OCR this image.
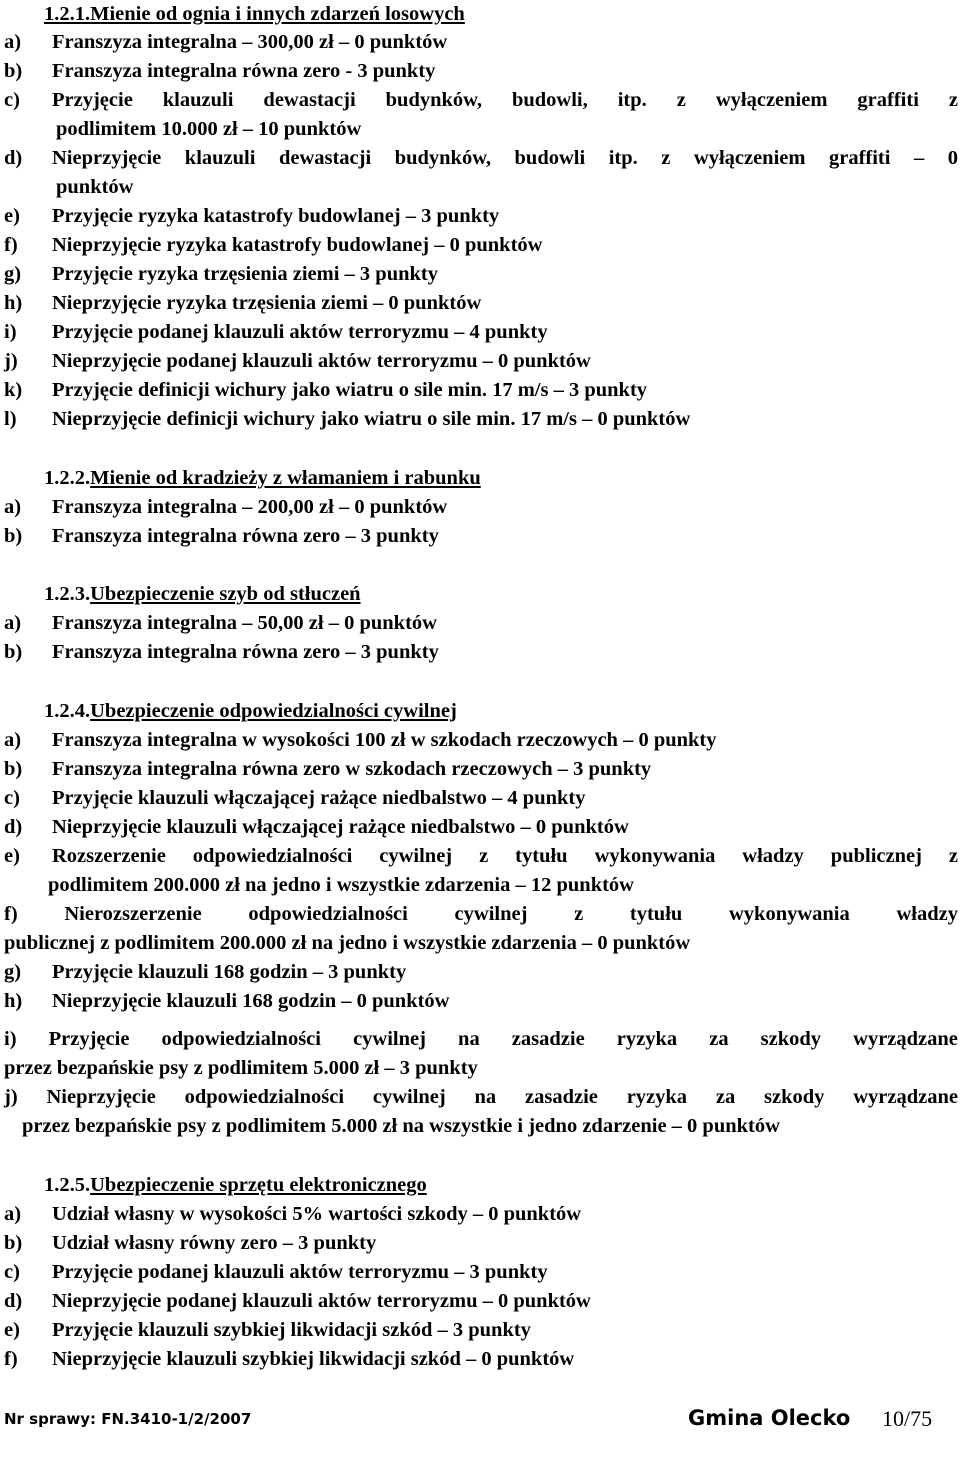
1.2.1.Mienie od ognia i innych zdarzeń losowych
a) Franszyza integralna – 300,00 zł – 0 punktów
b) Franszyza integralna równa zero - 3 punkty
c) Przyjęcie klauzuli dewastacji budynków, budowli, itp. z wyłączeniem graffiti z
podlimitem 10.000 zł – 10 punktów
d) Nieprzyjęcie klauzuli dewastacji budynków, budowli itp. z wyłączeniem graffiti – 0
punktów
e) Przyjęcie ryzyka katastrofy budowlanej – 3 punkty
f) Nieprzyjęcie ryzyka katastrofy budowlanej – 0 punktów
g) Przyjęcie ryzyka trzęsienia ziemi – 3 punkty
h) Nieprzyjęcie ryzyka trzęsienia ziemi – 0 punktów
i) Przyjęcie podanej klauzuli aktów terroryzmu – 4 punkty
j) Nieprzyjęcie podanej klauzuli aktów terroryzmu – 0 punktów
k) Przyjęcie definicji wichury jako wiatru o sile min. 17 m/s – 3 punkty
l) Nieprzyjęcie definicji wichury jako wiatru o sile min. 17 m/s – 0 punktów
1.2.2.Mienie od kradzieży z włamaniem i rabunku
a) Franszyza integralna – 200,00 zł – 0 punktów
b) Franszyza integralna równa zero – 3 punkty
1.2.3.Ubezpieczenie szyb od stłuczeń
a) Franszyza integralna – 50,00 zł – 0 punktów
b) Franszyza integralna równa zero – 3 punkty
1.2.4.Ubezpieczenie odpowiedzialności cywilnej
a) Franszyza integralna w wysokości 100 zł w szkodach rzeczowych – 0 punkty
b) Franszyza integralna równa zero w szkodach rzeczowych – 3 punkty
c) Przyjęcie klauzuli włączającej rażące niedbalstwo – 4 punkty
d) Nieprzyjęcie klauzuli włączającej rażące niedbalstwo – 0 punktów
e) Rozszerzenie odpowiedzialności cywilnej z tytułu wykonywania władzy publicznej z
podlimitem 200.000 zł na jedno i wszystkie zdarzenia – 12 punktów
f) Nierozszerzenie odpowiedzialności cywilnej z tytułu wykonywania władzy
publicznej z podlimitem 200.000 zł na jedno i wszystkie zdarzenia – 0 punktów
g) Przyjęcie klauzuli 168 godzin – 3 punkty
h) Nieprzyjęcie klauzuli 168 godzin – 0 punktów
i) Przyjęcie odpowiedzialności cywilnej na zasadzie ryzyka za szkody wyrządzane
przez bezpańskie psy z podlimitem 5.000 zł – 3 punkty
j) Nieprzyjęcie odpowiedzialności cywilnej na zasadzie ryzyka za szkody wyrządzane
przez bezpańskie psy z podlimitem 5.000 zł na wszystkie i jedno zdarzenie – 0 punktów
1.2.5.Ubezpieczenie sprzętu elektronicznego
a) Udział własny w wysokości 5% wartości szkody – 0 punktów
b) Udział własny równy zero – 3 punkty
c) Przyjęcie podanej klauzuli aktów terroryzmu – 3 punkty
d) Nieprzyjęcie podanej klauzuli aktów terroryzmu – 0 punktów
e) Przyjęcie klauzuli szybkiej likwidacji szkód – 3 punkty
f) Nieprzyjęcie klauzuli szybkiej likwidacji szkód – 0 punktów
Nr sprawy: FN.3410-1/2/2007	Gmina Olecko 10/75
